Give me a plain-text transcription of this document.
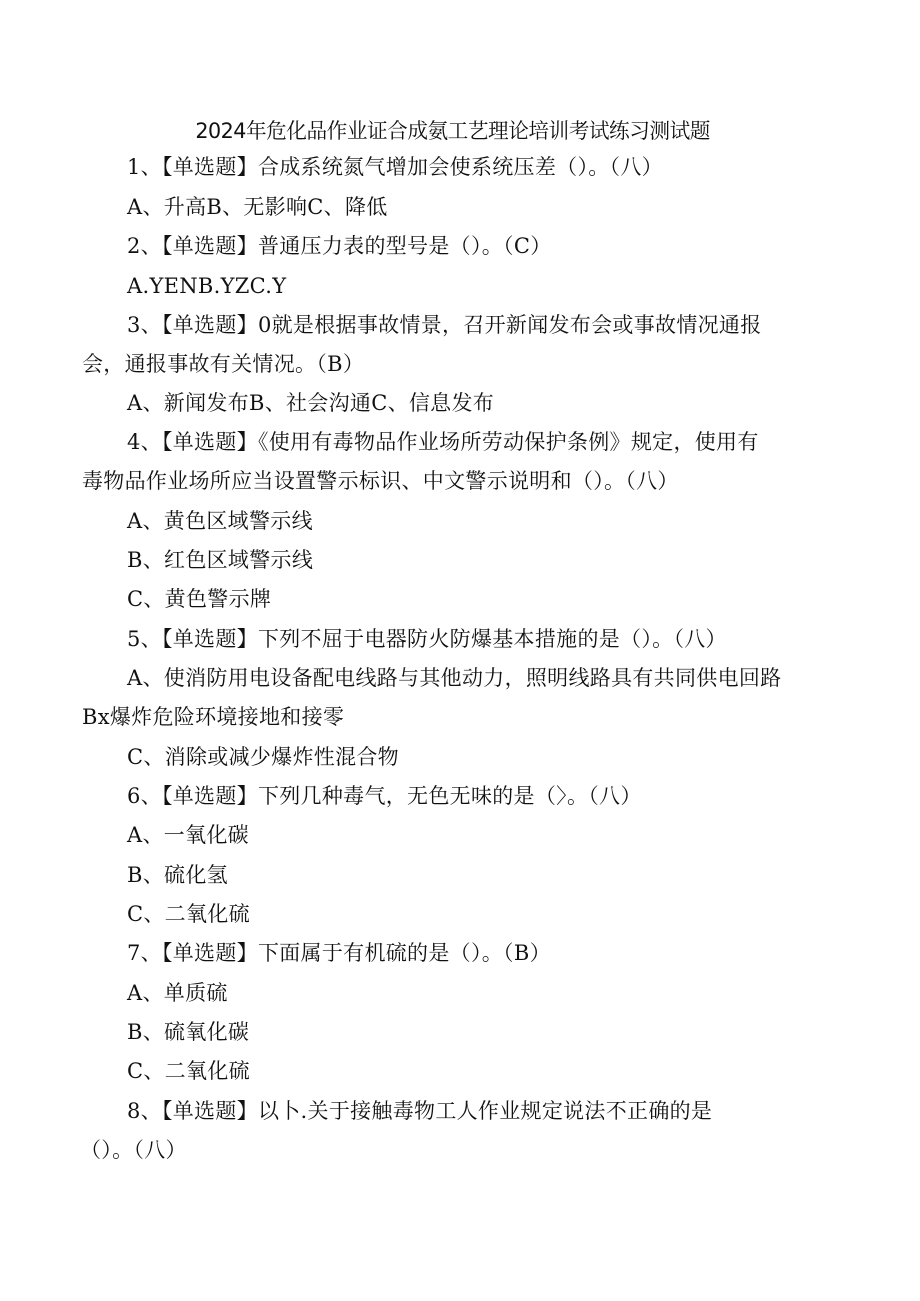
2024年危化品作业证合成氨工艺理论培训考试练习测试题
1、【单选题】合成系统氮气增加会使系统压差（）。（八）
A、升高B、无影响C、降低
2、【单选题】普通压力表的型号是（）。（C）
A.YENB.YZC.Y
3、【单选题】0就是根据事故情景，召开新闻发布会或事故情况通报
会，通报事故有关情况。（B）
A、新闻发布B、社会沟通C、信息发布
4、【单选题】《使用有毒物品作业场所劳动保护条例》规定，使用有
毒物品作业场所应当设置警示标识、中文警示说明和（）。（八）
A、黄色区域警示线
B、红色区域警示线
C、黄色警示牌
5、【单选题】下列不屈于电器防火防爆基本措施的是（）。（八）
A、使消防用电设备配电线路与其他动力，照明线路具有共同供电回路
Bx爆炸危险环境接地和接零
C、消除或减少爆炸性混合物
6、【单选题】下列几种毒气，无色无味的是（〉。（八）
A、一氧化碳
B、硫化氢
C、二氧化硫
7、【单选题】下面属于有机硫的是（）。（B）
A、单质硫
B、硫氧化碳
C、二氧化硫
8、【单选题】以卜.关于接触毒物工人作业规定说法不正确的是
（）。（八）
